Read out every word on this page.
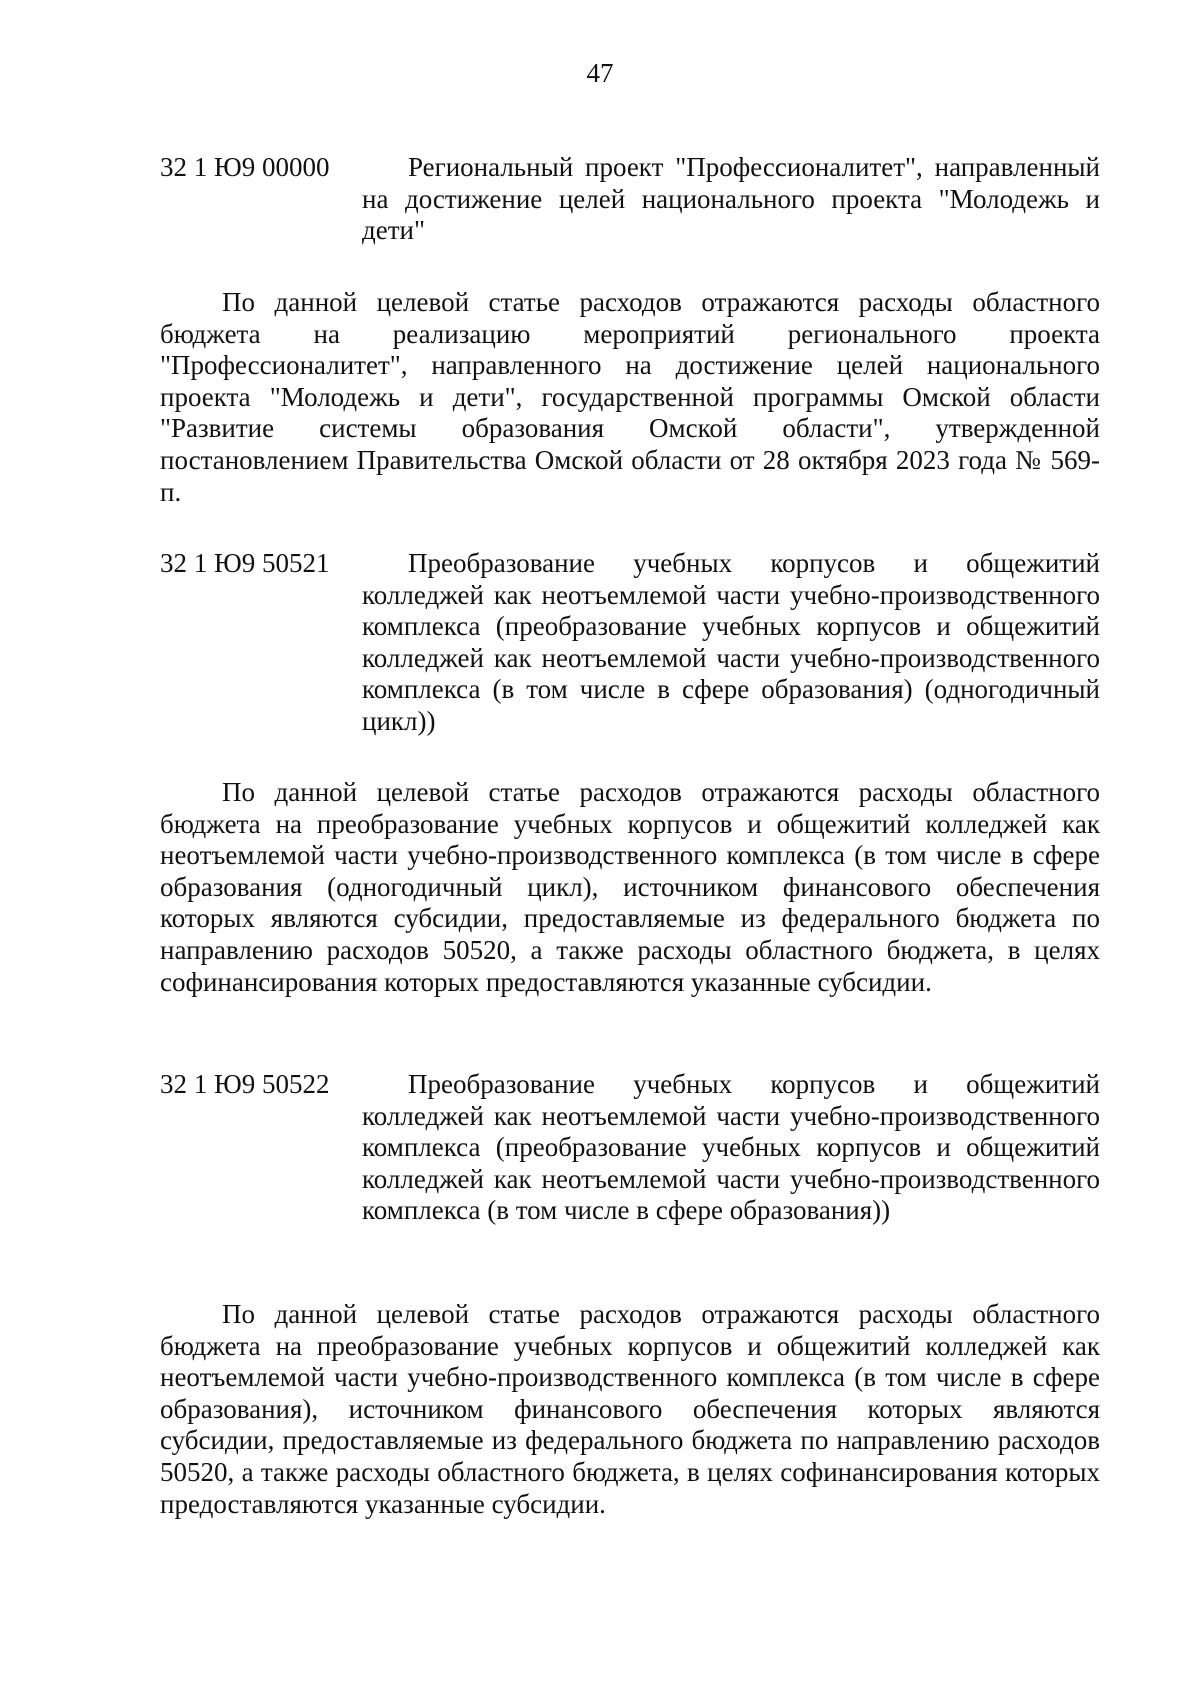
47
32 1 Ю9 00000	Региональный проект "Профессионалитет", направленный на достижение целей национального проекта "Молодежь и дети"
По данной целевой статье расходов отражаются расходы областного бюджета на реализацию мероприятий регионального проекта "Профессионалитет", направленного на достижение целей национального проекта "Молодежь и дети", государственной программы Омской области "Развитие системы образования Омской области", утвержденной постановлением Правительства Омской области от 28 октября 2023 года № 569-п.
32 1 Ю9 50521	Преобразование учебных корпусов и общежитий колледжей как неотъемлемой части учебно-производственного комплекса (преобразование учебных корпусов и общежитий колледжей как неотъемлемой части учебно-производственного комплекса (в том числе в сфере образования) (одногодичный цикл))
По данной целевой статье расходов отражаются расходы областного бюджета на преобразование учебных корпусов и общежитий колледжей как неотъемлемой части учебно-производственного комплекса (в том числе в сфере образования (одногодичный цикл), источником финансового обеспечения которых являются субсидии, предоставляемые из федерального бюджета по направлению расходов 50520, а также расходы областного бюджета, в целях софинансирования которых предоставляются указанные субсидии.
32 1 Ю9 50522	Преобразование учебных корпусов и общежитий колледжей как неотъемлемой части учебно-производственного комплекса (преобразование учебных корпусов и общежитий колледжей как неотъемлемой части учебно-производственного комплекса (в том числе в сфере образования))
По данной целевой статье расходов отражаются расходы областного бюджета на преобразование учебных корпусов и общежитий колледжей как неотъемлемой части учебно-производственного комплекса (в том числе в сфере образования), источником финансового обеспечения которых являются субсидии, предоставляемые из федерального бюджета по направлению расходов 50520, а также расходы областного бюджета, в целях софинансирования которых предоставляются указанные субсидии.
